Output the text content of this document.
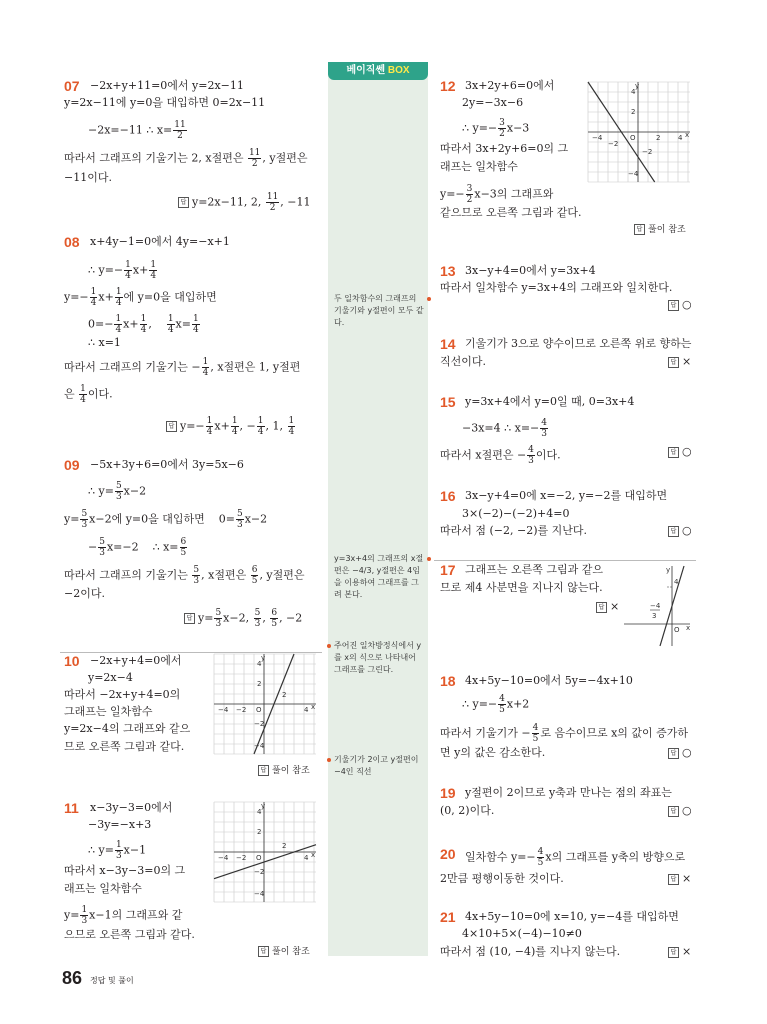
베이직쎈 BOX
두 일차함수의 그래프의 기울기와 y절편이 모두 같다.
y=3x+4의 그래프의 x절편은 −4/3, y절편은 4임을 이용하여 그래프를 그려 본다.
주어진 일차방정식에서 y를 x의 식으로 나타내어 그래프를 그린다.
기울기가 2이고 y절편이 −4인 직선
07 −2x+y+11=0에서 y=2x−11
y=2x−11에 y=0을 대입하면 0=2x−11
−2x=−11 ∴ $x= \frac{11}{2}$
따라서 그래프의 기울기는 2, x절편은 $\frac{11}{2}$ , y절편은
−11이다.
답 y=2x−11, 2, $\frac{11}{2}$ , −11
08 x+4y−1=0에서 4y=−x+1
∴ $y=- \frac{1}{4} x+ \frac{1}{4}$
$y=- \frac{1}{4} x+ \frac{1}{4}$ 에 y=0을 대입하면
$0=- \frac{1}{4} x+ \frac{1}{4}$ , $\frac{1}{4} x= \frac{1}{4}$
∴ x=1
따라서 그래프의 기울기는 − $\frac{1}{4}$ , x절편은 1, y절편
은 $\frac{1}{4}$ 이다.
답 $y=- \frac{1}{4} x+ \frac{1}{4}$ , − $\frac{1}{4}$ , 1, $\frac{1}{4}$
09 −5x+3y+6=0에서 3y=5x−6
∴ $y= \frac{5}{3} x-2$
$y= \frac{5}{3} x-2$에 y=0을 대입하면    $0= \frac{5}{3} x-2$
− $\frac{5}{3} x=-2$    ∴ $x= \frac{6}{5}$
따라서 그래프의 기울기는 $\frac{5}{3}$ , x절편은 $\frac{6}{5}$ , y절편은
−2이다.
답 $y= \frac{5}{3} x-2$, $\frac{5}{3}$ , $\frac{6}{5}$ , −2
10 −2x+y+4=0에서
y=2x−4
따라서 −2x+y+4=0의
그래프는 일차함수
y=2x−4의 그래프와 같으
므로 오른쪽 그림과 같다.
답 풀이 참조
−4 −2 O
2
4 x
4
2
−2
−4
y
11 x−3y−3=0에서
−3y=−x+3
∴ $y= \frac{1}{3} x-1$
따라서 x−3y−3=0의 그
래프는 일차함수
$y= \frac{1}{3} x-1$의 그래프와 같
으므로 오른쪽 그림과 같다.
답 풀이 참조
−4 −2 O
2
4 x
4
2
−2
−4
y
12 3x+2y+6=0에서
2y=−3x−6
∴ $y=- \frac{3}{2} x-3$
따라서 3x+2y+6=0의 그
래프는 일차함수
$y=- \frac{3}{2} x-3$의 그래프와
같으므로 오른쪽 그림과 같다.
답 풀이 참조
−4
−2
O	2	4 x
4
2
−2
−4
y
13 3x−y+4=0에서 y=3x+4
따라서 일차함수 y=3x+4의 그래프와 일치한다.
답 ○
14 기울기가 3으로 양수이므로 오른쪽 위로 향하는
직선이다.	답 ×
15 y=3x+4에서 y=0일 때, 0=3x+4
−3x=4 ∴ $x=- \frac{4}{3}$
따라서 x절편은 − $\frac{4}{3}$ 이다.	답 ○
16 3x−y+4=0에 x=−2, y=−2를 대입하면
3×(−2)−(−2)+4=0
따라서 점 (−2, −2)를 지난다.	답 ○
17 그래프는 오른쪽 그림과 같으
므로 제4 사분면을 지나지 않는다.
답 ×
4
O x
y
−4
3
18 4x+5y−10=0에서 5y=−4x+10
∴ $y=- \frac{4}{5} x+2$
따라서 기울기가 − $\frac{4}{5}$ 로 음수이므로 x의 값이 증가하
면 y의 값은 감소한다.	답 ○
19 y절편이 2이므로 y축과 만나는 점의 좌표는
(0, 2)이다.	답 ○
20 일차함수 $y=- \frac{4}{5}$ x의 그래프를 y축의 방향으로
2만큼 평행이동한 것이다.	답 ×
21 4x+5y−10=0에 x=10, y=−4를 대입하면
4×10+5×(−4)−10≠0
따라서 점 (10, −4)를 지나지 않는다.	답 ×
86 정답 및 풀이
